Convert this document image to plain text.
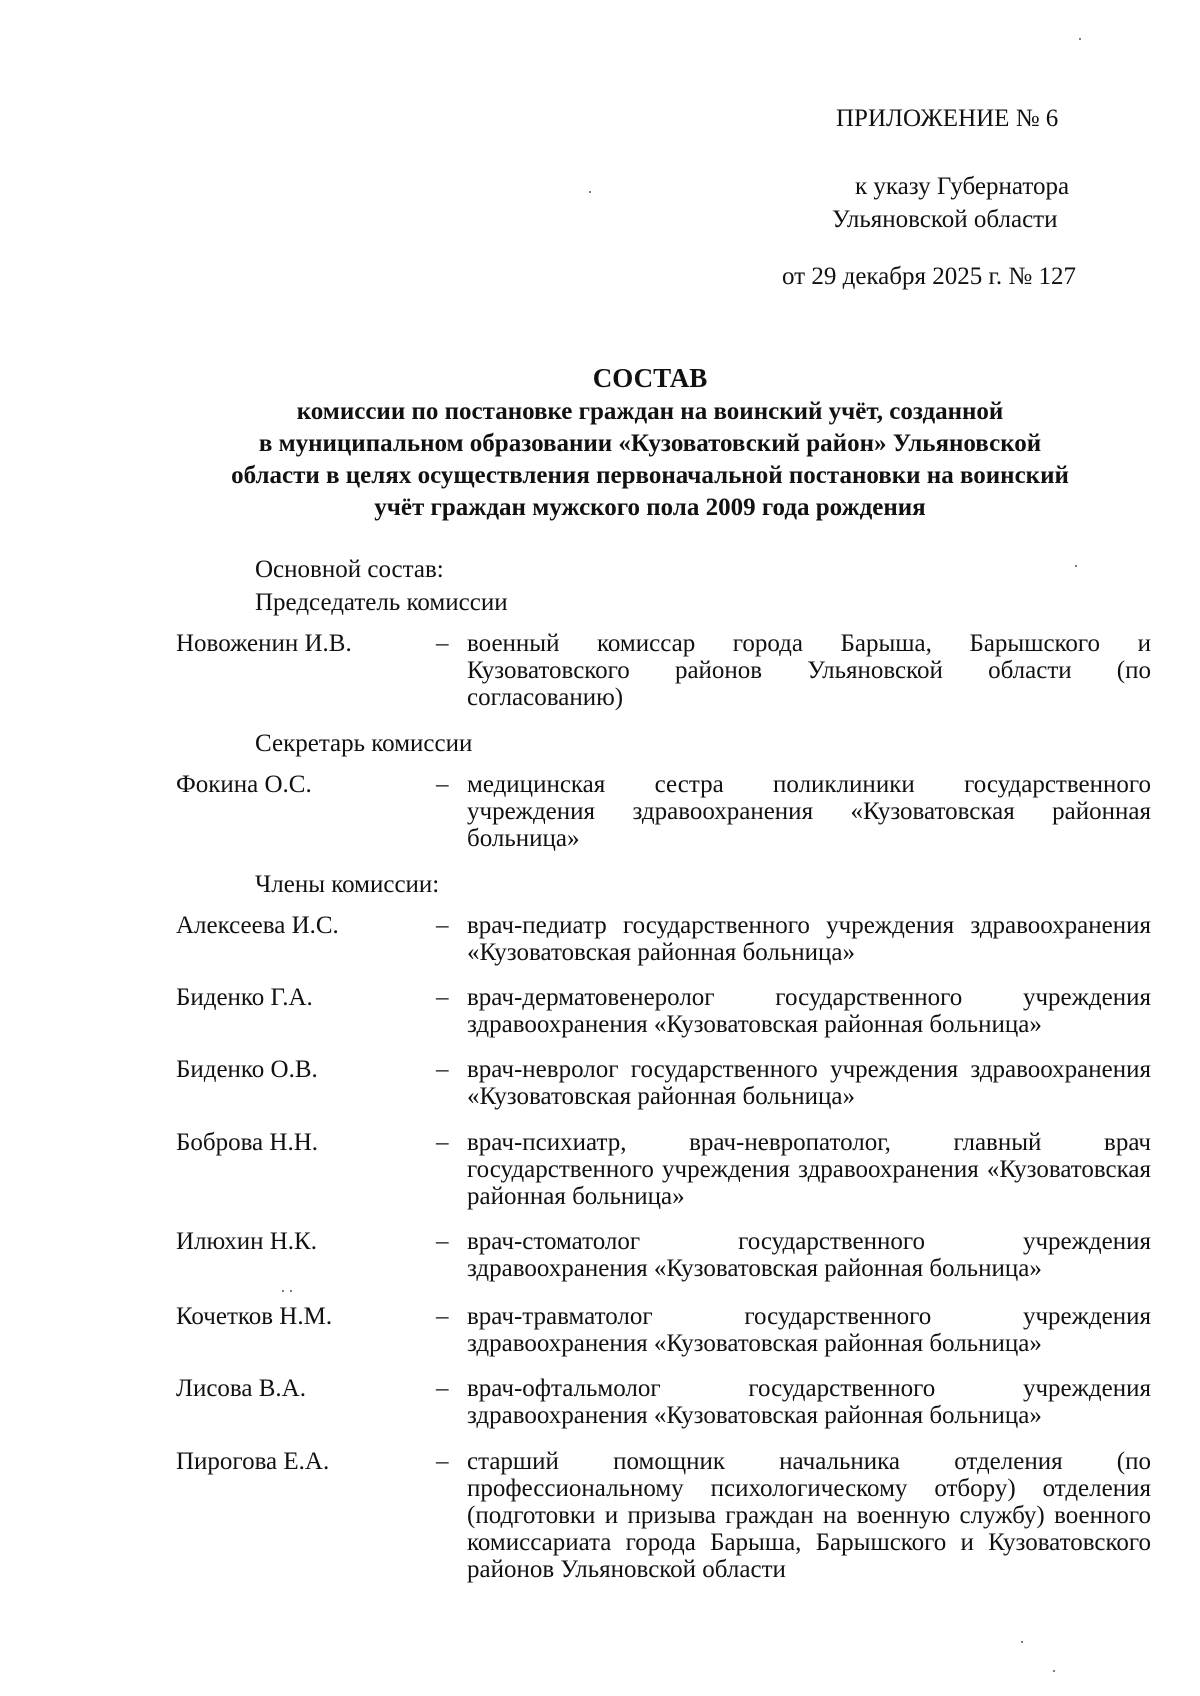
ПРИЛОЖЕНИЕ № 6
к указу Губернатора
Ульяновской области
от 29 декабря 2025 г. № 127
СОСТАВ
комиссии по постановке граждан на воинский учёт, созданной
в муниципальном образовании «Кузоватовский район» Ульяновской
области в целях осуществления первоначальной постановки на воинский
учёт граждан мужского пола 2009 года рождения
Основной состав:
Председатель комиссии
Новоженин И.В.	– военный комиссар города Барыша, Барышского и Кузоватовского районов Ульяновской области (по согласованию)
Секретарь комиссии
Фокина О.С.	– медицинская сестра поликлиники государственного учреждения здравоохранения «Кузоватовская районная больница»
Члены комиссии:
Алексеева И.С.	– врач-педиатр государственного учреждения здравоохранения «Кузоватовская районная больница»
Биденко Г.А.	– врач-дерматовенеролог государственного учреждения здравоохранения «Кузоватовская районная больница»
Биденко О.В.	– врач-невролог государственного учреждения здравоохранения «Кузоватовская районная больница»
Боброва Н.Н.	– врач-психиатр, врач-невропатолог, главный врач государственного учреждения здравоохранения «Кузоватовская районная больница»
Илюхин Н.К.	– врач-стоматолог государственного учреждения здравоохранения «Кузоватовская районная больница»
Кочетков Н.М.	– врач-травматолог государственного учреждения здравоохранения «Кузоватовская районная больница»
Лисова В.А.	– врач-офтальмолог государственного учреждения здравоохранения «Кузоватовская районная больница»
Пирогова Е.А.	– старший помощник начальника отделения (по профессиональному психологическому отбору) отделения (подготовки и призыва граждан на военную службу) военного комиссариата города Барыша, Барышского и Кузоватовского районов Ульяновской области
